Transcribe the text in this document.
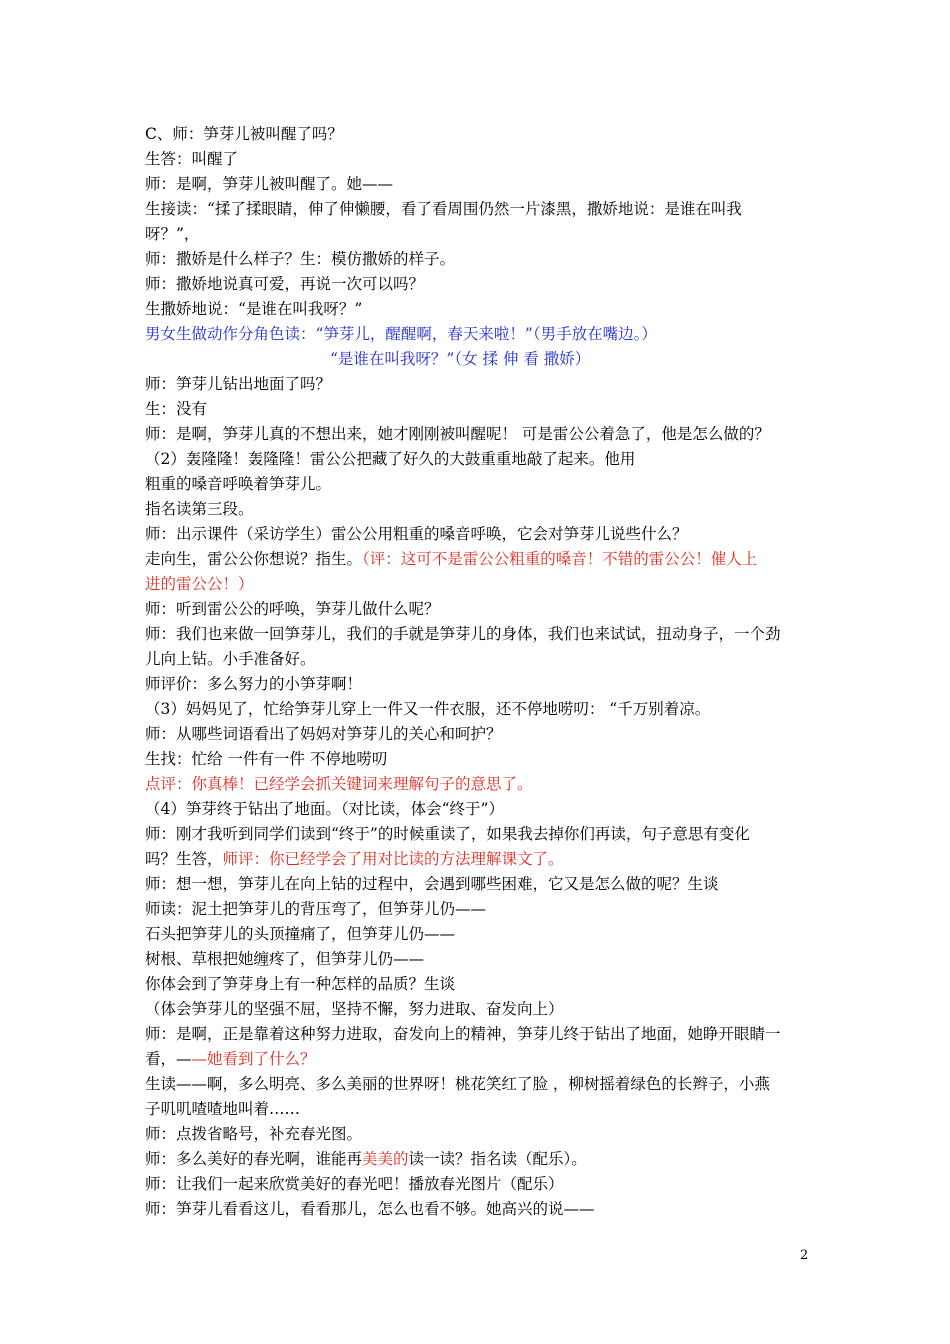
C、师：笋芽儿被叫醒了吗？
生答：叫醒了
师：是啊，笋芽儿被叫醒了。她——
生接读：“揉了揉眼睛，伸了伸懒腰，看了看周围仍然一片漆黑，撒娇地说：是谁在叫我
呀？”，
师：撒娇是什么样子？生：模仿撒娇的样子。
师：撒娇地说真可爱，再说一次可以吗？
生撒娇地说：“是谁在叫我呀？”
男女生做动作分角色读：“笋芽儿，醒醒啊，春天来啦！”（男手放在嘴边。）
“是谁在叫我呀？”（女 揉 伸 看 撒娇）
师：笋芽儿钻出地面了吗？
生：没有
师：是啊，笋芽儿真的不想出来，她才刚刚被叫醒呢！ 可是雷公公着急了，他是怎么做的？
（2）轰隆隆！轰隆隆！雷公公把藏了好久的大鼓重重地敲了起来。他用
粗重的嗓音呼唤着笋芽儿。
指名读第三段。
师：出示课件（采访学生）雷公公用粗重的嗓音呼唤，它会对笋芽儿说些什么？
走向生，雷公公你想说？指生。（评：这可不是雷公公粗重的嗓音！不错的雷公公！催人上
进的雷公公！）
师：听到雷公公的呼唤，笋芽儿做什么呢？
师：我们也来做一回笋芽儿，我们的手就是笋芽儿的身体，我们也来试试，扭动身子，一个劲
儿向上钻。小手准备好。
师评价：多么努力的小笋芽啊！
（3）妈妈见了，忙给笋芽儿穿上一件又一件衣服，还不停地唠叨： “千万别着凉。
师：从哪些词语看出了妈妈对笋芽儿的关心和呵护？
生找：忙给 一件有一件 不停地唠叨
点评：你真棒！已经学会抓关键词来理解句子的意思了。
（4）笋芽终于钻出了地面。（对比读，体会“终于”）
师：刚才我听到同学们读到“终于”的时候重读了，如果我去掉你们再读，句子意思有变化
吗？生答，师评：你已经学会了用对比读的方法理解课文了。
师：想一想，笋芽儿在向上钻的过程中，会遇到哪些困难，它又是怎么做的呢？生谈
师读：泥土把笋芽儿的背压弯了，但笋芽儿仍——
石头把笋芽儿的头顶撞痛了，但笋芽儿仍——
树根、草根把她缠疼了，但笋芽儿仍——
你体会到了笋芽身上有一种怎样的品质？生谈
（体会笋芽儿的坚强不屈，坚持不懈，努力进取、奋发向上）
师：是啊，正是靠着这种努力进取，奋发向上的精神，笋芽儿终于钻出了地面，她睁开眼睛一
看，——她看到了什么？
生读——啊，多么明亮、多么美丽的世界呀！桃花笑红了脸 ，柳树摇着绿色的长辫子，小燕
子叽叽喳喳地叫着……
师：点拨省略号，补充春光图。
师：多么美好的春光啊，谁能再美美的读一读？指名读（配乐）。
师：让我们一起来欣赏美好的春光吧！播放春光图片（配乐）
师：笋芽儿看看这儿，看看那儿，怎么也看不够。她高兴的说——
2
